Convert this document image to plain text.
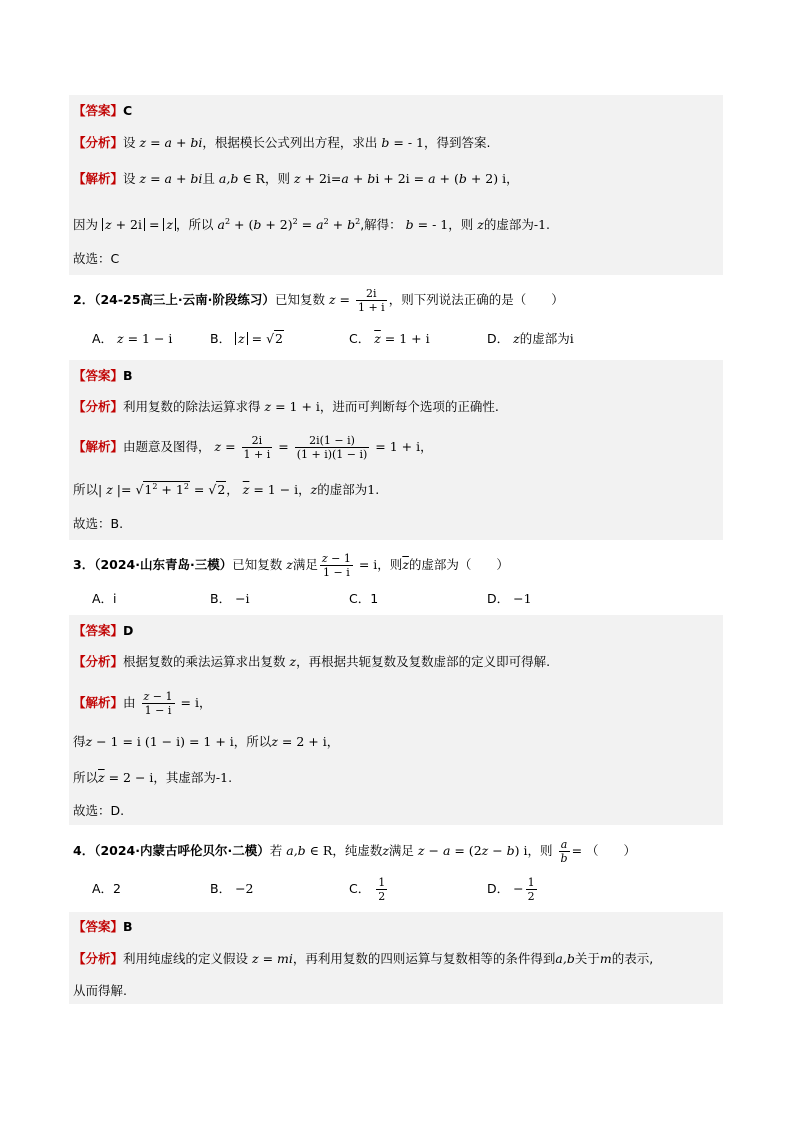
【答案】C
【分析】设 z = a + bi，根据模长公式列出方程，求出 b = - 1，得到答案.
【解析】设 z = a + bi且 a,b ∈ R，则 z + 2i=a + bi + 2i = a + (b + 2) i，
因为 z + 2i = z ，所以 $a^2 + (b + 2)^2 = a^2 + b^2$,解得： b = - 1，则 z的虚部为-1.
故选：C
2．（24-25高三上·云南·阶段练习）已知复数 $z = \frac{2i}{1 + i}$ ，则下列说法正确的是（　　）
A． z = 1 − i	B． z = √2	C． $\overline{z} = 1 + i$	D． z的虚部为i
【答案】B
【分析】利用复数的除法运算求得 z = 1 + i，进而可判断每个选项的正确性.
【解析】由题意及图得， $z = \frac{2i}{1 + i} = \frac{2i(1 - i)}{(1 + i)(1 - i)} = 1 + i$，
所以| z |= $√1^2 + 1^2 = √2$， $\overline{z} = 1 - i$，z的虚部为1.
故选：B.
3．（2024·山东青岛·三模）已知复数 z满足 $\frac{z - 1}{1 - i} = i$，则$\overline{z}$的虚部为（　　）
A．i	B． −i	C．1	D． −1
【答案】D
【分析】根据复数的乘法运算求出复数 z，再根据共轭复数及复数虚部的定义即可得解.
【解析】由 $\frac{z - 1}{1 - i} = i$，
得z − 1 = i (1 − i) = 1 + i，所以z = 2 + i，
所以$\overline{z} = 2 - i$，其虚部为-1.
故选：D.
4．（2024·内蒙古呼伦贝尔·二模）若 a,b ∈ R，纯虚数z满足 z − a = (2z − b) i，则 $\frac{a}{b}$ = （　　）
A．2	B． −2	C． $\frac{1}{2}$	D． − $\frac{1}{2}$
【答案】B
【分析】利用纯虚线的定义假设 z = mi，再利用复数的四则运算与复数相等的条件得到a,b关于m的表示,
从而得解.
